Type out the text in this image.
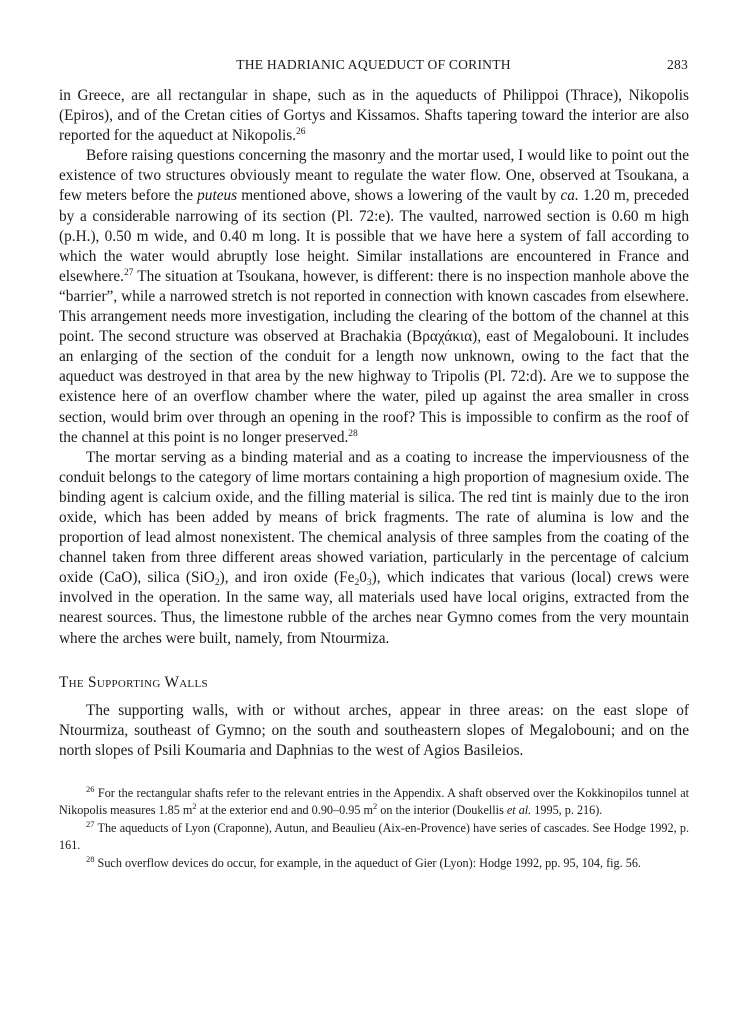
THE HADRIANIC AQUEDUCT OF CORINTH	283

in Greece, are all rectangular in shape, such as in the aqueducts of Philippoi (Thrace), Nikopolis (Epiros), and of the Cretan cities of Gortys and Kissamos. Shafts tapering toward the interior are also reported for the aqueduct at Nikopolis.$^{26}$

Before raising questions concerning the masonry and the mortar used, I would like to point out the existence of two structures obviously meant to regulate the water flow. One, observed at Tsoukana, a few meters before the puteus mentioned above, shows a lowering of the vault by ca. 1.20 m, preceded by a considerable narrowing of its section (Pl. 72:e). The vaulted, narrowed section is 0.60 m high (p.H.), 0.50 m wide, and 0.40 m long. It is possible that we have here a system of fall according to which the water would abruptly lose height. Similar installations are encountered in France and elsewhere.$^{27}$ The situation at Tsoukana, however, is different: there is no inspection manhole above the “barrier”, while a narrowed stretch is not reported in connection with known cascades from elsewhere. This arrangement needs more investigation, including the clearing of the bottom of the channel at this point. The second structure was observed at Brachakia (Βραχάκια), east of Megalobouni. It includes an enlarging of the section of the conduit for a length now unknown, owing to the fact that the aqueduct was destroyed in that area by the new highway to Tripolis (Pl. 72:d). Are we to suppose the existence here of an overflow chamber where the water, piled up against the area smaller in cross section, would brim over through an opening in the roof? This is impossible to confirm as the roof of the channel at this point is no longer preserved.$^{28}$

The mortar serving as a binding material and as a coating to increase the imperviousness of the conduit belongs to the category of lime mortars containing a high proportion of magnesium oxide. The binding agent is calcium oxide, and the filling material is silica. The red tint is mainly due to the iron oxide, which has been added by means of brick fragments. The rate of alumina is low and the proportion of lead almost nonexistent. The chemical analysis of three samples from the coating of the channel taken from three different areas showed variation, particularly in the percentage of calcium oxide (CaO), silica (SiO$_2$), and iron oxide $(Fe_20_3)$, which indicates that various (local) crews were involved in the operation. In the same way, all materials used have local origins, extracted from the nearest sources. Thus, the limestone rubble of the arches near Gymno comes from the very mountain where the arches were built, namely, from Ntourmiza.

The Supporting Walls

The supporting walls, with or without arches, appear in three areas: on the east slope of Ntourmiza, southeast of Gymno; on the south and southeastern slopes of Megalobouni; and on the north slopes of Psili Koumaria and Daphnias to the west of Agios Basileios.

$^{26}$ For the rectangular shafts refer to the relevant entries in the Appendix. A shaft observed over the Kokkinopilos tunnel at Nikopolis measures 1.85 $m^2$ at the exterior end and 0.90–0.95 $m^2$ on the interior (Doukellis et al. 1995, p. 216).

$^{27}$ The aqueducts of Lyon (Craponne), Autun, and Beaulieu (Aix-en-Provence) have series of cascades. See Hodge 1992, p. 161.

$^{28}$ Such overflow devices do occur, for example, in the aqueduct of Gier (Lyon): Hodge 1992, pp. 95, 104, fig. 56.
